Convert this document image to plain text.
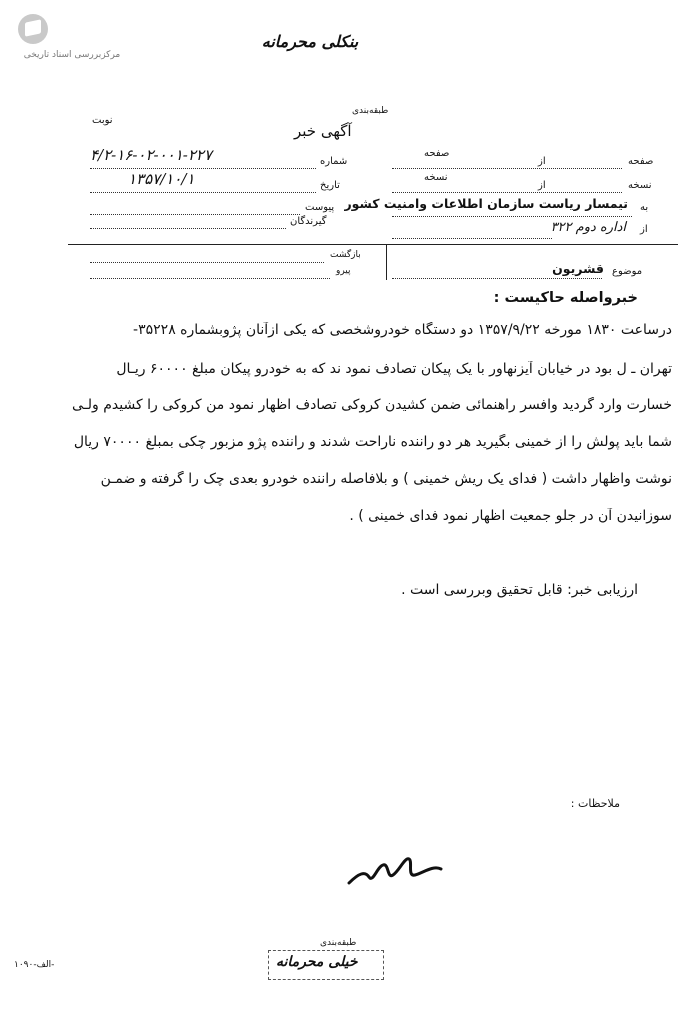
مرکزبررسی اسناد تاریخی
بنکلی محرمانه
نوبت
طبقه‌بندی
آگهی خبر
شماره
۴/۲-۱۶-۰۲-۰۰۱-۲۲۷
تاریخ
۱۳۵۷/۱۰/۱
پیوست
گیرندگان
صفحه
از
صفحه
نسخه
از
نسخه
به
تیمسار ریاست سازمان اطلاعات وامنیت کشور
از
اداره دوم ۳۲۲
بازگشت
پیرو	موضوع
قشریون
خبرواصله حاکیست :
درساعت ۱۸۳۰ مورخه ۱۳۵۷/۹/۲۲ دو دستگاه خودروشخصی که یکی ازآنان پژوبشماره ۳۵۲۲۸-
تهران ـ ل بود در خیابان آیزنهاور با یک پیکان تصادف نمود ند که به خودرو پیکان مبلغ ۶۰۰۰۰ ریـال
خسارت وارد گردید وافسر راهنمائی ضمن کشیدن کروکی تصادف اظهار نمود من کروکی را کشیدم ولـی
شما باید پولش را از خمینی بگیرید هر دو راننده ناراحت شدند و راننده پژو مزبور چکی بمبلغ ۷۰۰۰۰ ریال
نوشت واظهار داشت ( فدای یک ریش خمینی ) و بلافاصله راننده خودرو بعدی چک را گرفته و ضمـن
سوزانیدن آن در جلو جمعیت اظهار نمود فدای خمینی ) .
ارزیابی خبر: قابل تحقیق وبررسی است .
ملاحظات :
طبقه‌بندی
خیلی محرمانه
۱۰۹۰-الف-
